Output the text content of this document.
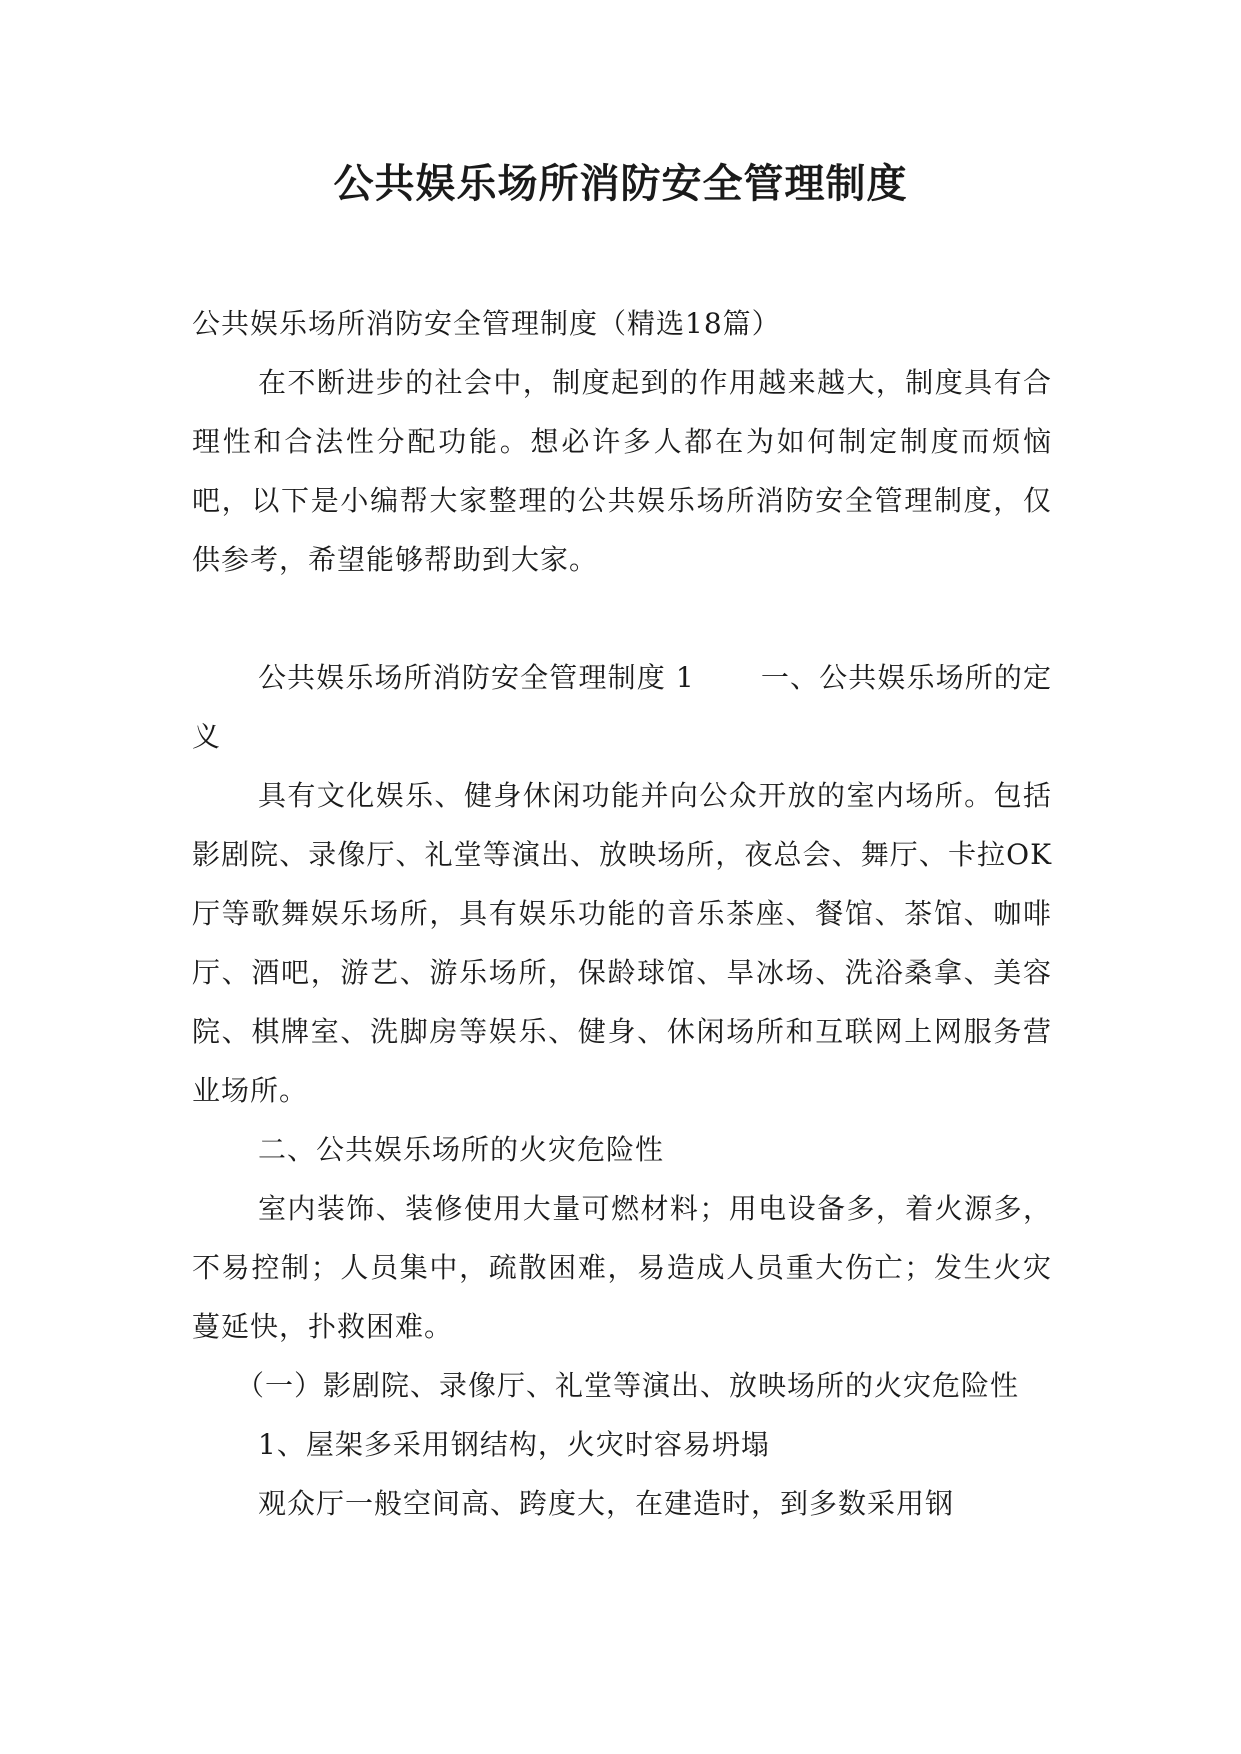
公共娱乐场所消防安全管理制度

公共娱乐场所消防安全管理制度（精选18篇）

在不断进步的社会中，制度起到的作用越来越大，制度具有合理性和合法性分配功能。想必许多人都在为如何制定制度而烦恼吧，以下是小编帮大家整理的公共娱乐场所消防安全管理制度，仅供参考，希望能够帮助到大家。

公共娱乐场所消防安全管理制度 1 一、公共娱乐场所的定义

具有文化娱乐、健身休闲功能并向公众开放的室内场所。包括影剧院、录像厅、礼堂等演出、放映场所，夜总会、舞厅、卡拉OK厅等歌舞娱乐场所，具有娱乐功能的音乐茶座、餐馆、茶馆、咖啡厅、酒吧，游艺、游乐场所，保龄球馆、旱冰场、洗浴桑拿、美容院、棋牌室、洗脚房等娱乐、健身、休闲场所和互联网上网服务营业场所。

二、公共娱乐场所的火灾危险性

室内装饰、装修使用大量可燃材料；用电设备多，着火源多，不易控制；人员集中，疏散困难，易造成人员重大伤亡；发生火灾蔓延快，扑救困难。

（一）影剧院、录像厅、礼堂等演出、放映场所的火灾危险性

1、屋架多采用钢结构，火灾时容易坍塌

观众厅一般空间高、跨度大，在建造时，到多数采用钢
